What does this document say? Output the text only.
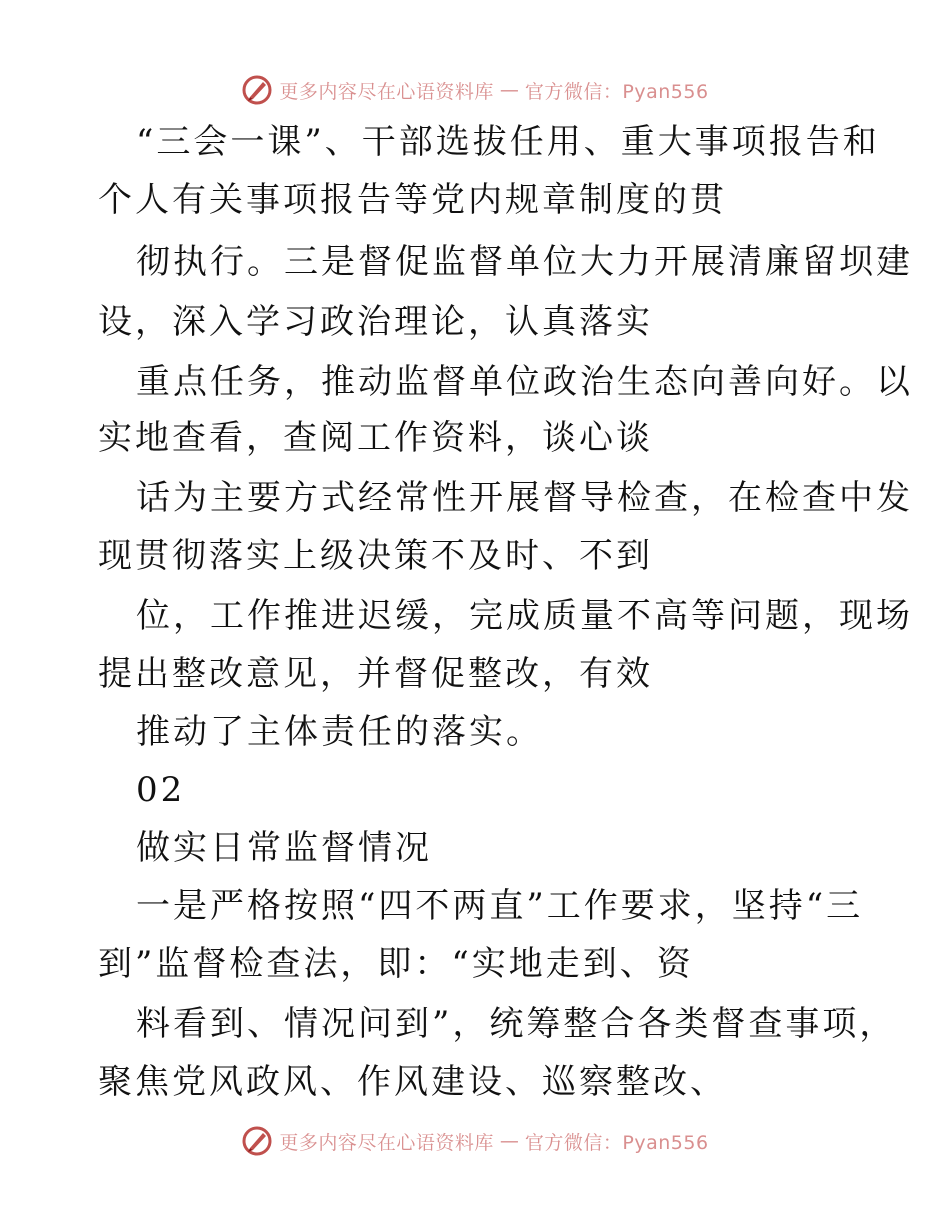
更多内容尽在心语资料库 — 官方微信：Pyan556
“三会一课”、干部选拔任用、重大事项报告和
个人有关事项报告等党内规章制度的贯
彻执行。三是督促监督单位大力开展清廉留坝建
设，深入学习政治理论，认真落实
重点任务，推动监督单位政治生态向善向好。以
实地查看，查阅工作资料，谈心谈
话为主要方式经常性开展督导检查，在检查中发
现贯彻落实上级决策不及时、不到
位，工作推进迟缓，完成质量不高等问题，现场
提出整改意见，并督促整改，有效
推动了主体责任的落实。
02
做实日常监督情况
一是严格按照“四不两直”工作要求，坚持“三
到”监督检查法，即：“实地走到、资
料看到、情况问到”，统筹整合各类督查事项，
聚焦党风政风、作风建设、巡察整改、
更多内容尽在心语资料库 — 官方微信：Pyan556
